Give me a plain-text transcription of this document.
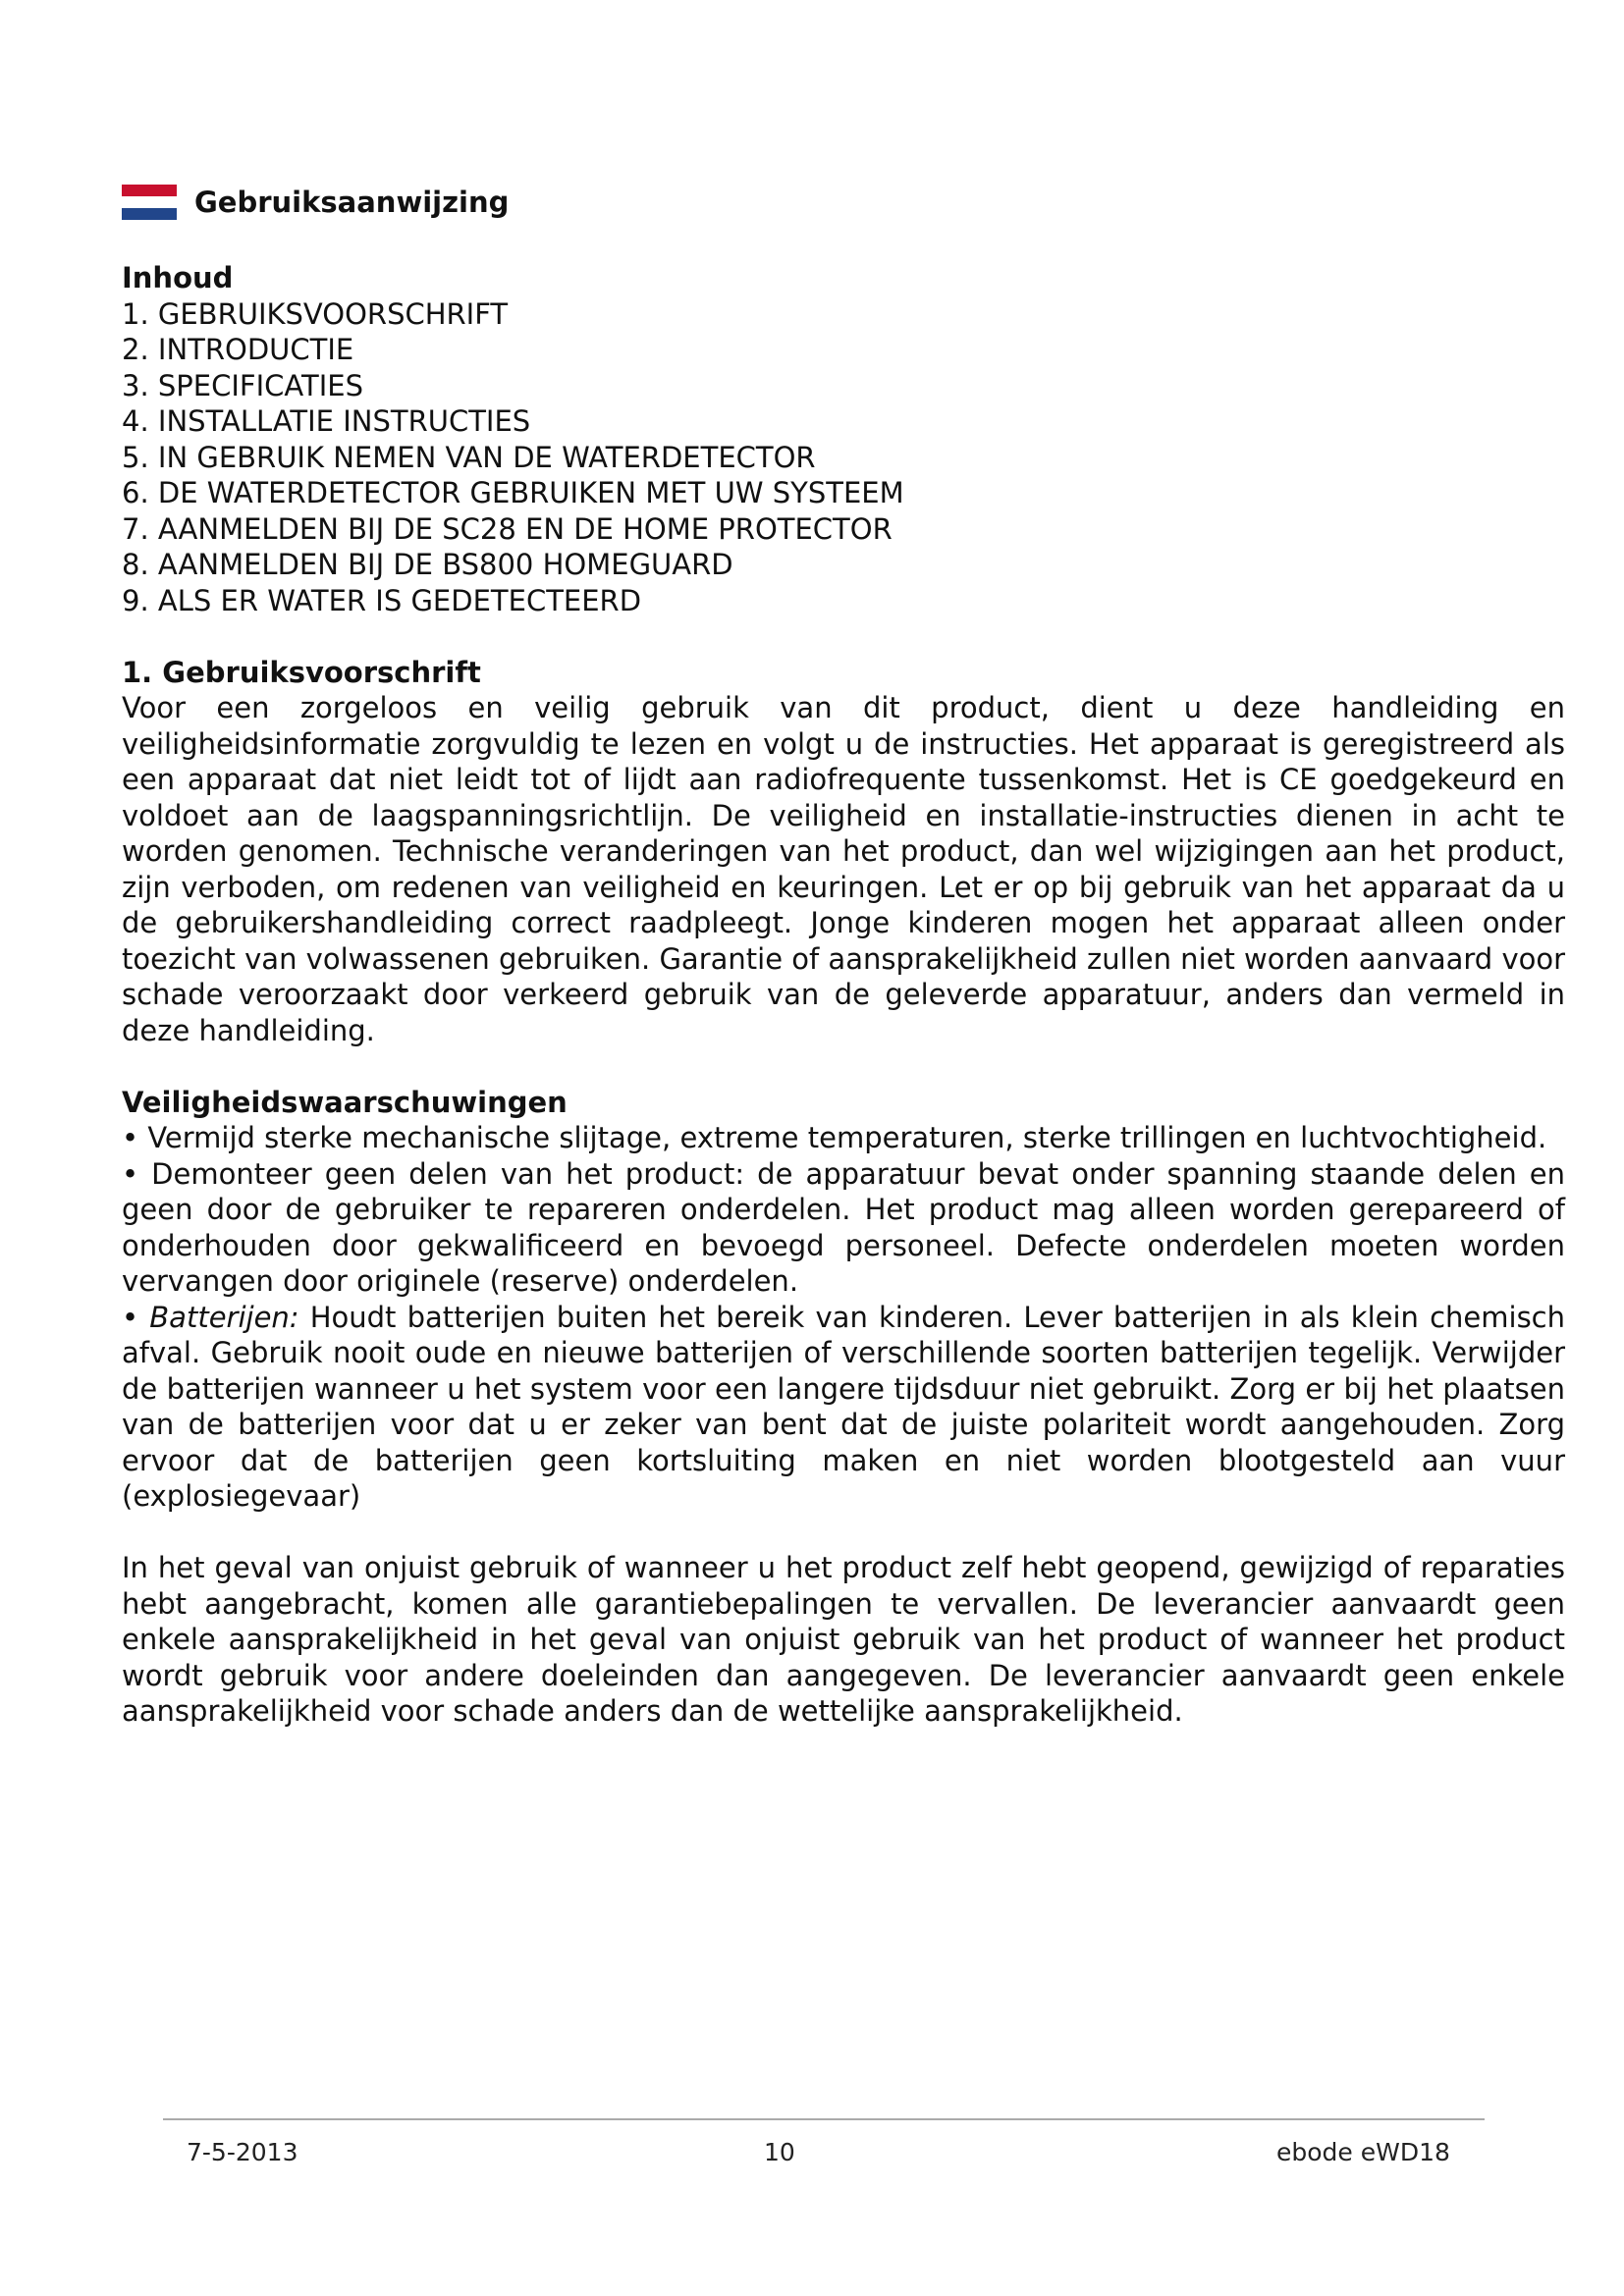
Gebruiksaanwijzing
Inhoud
1. GEBRUIKSVOORSCHRIFT
2. INTRODUCTIE
3. SPECIFICATIES
4. INSTALLATIE INSTRUCTIES
5. IN GEBRUIK NEMEN VAN DE WATERDETECTOR
6. DE WATERDETECTOR GEBRUIKEN MET UW SYSTEEM
7. AANMELDEN BIJ DE SC28 EN DE HOME PROTECTOR
8. AANMELDEN BIJ DE BS800 HOMEGUARD
9. ALS ER WATER IS GEDETECTEERD
1. Gebruiksvoorschrift

Voor een zorgeloos en veilig gebruik van dit product, dient u deze handleiding en veiligheidsinformatie zorgvuldig te lezen en volgt u de instructies. Het apparaat is geregistreerd als een apparaat dat niet leidt tot of lijdt aan radiofrequente tussenkomst. Het is CE goedgekeurd en voldoet aan de laagspanningsrichtlijn. De veiligheid en installatie-instructies dienen in acht te worden genomen. Technische veranderingen van het product, dan wel wijzigingen aan het product, zijn verboden, om redenen van veiligheid en keuringen. Let er op bij gebruik van het apparaat da u de gebruikershandleiding correct raadpleegt. Jonge kinderen mogen het apparaat alleen onder toezicht van volwassenen gebruiken. Garantie of aansprakelijkheid zullen niet worden aanvaard voor schade veroorzaakt door verkeerd gebruik van de geleverde apparatuur, anders dan vermeld in deze handleiding.

Veiligheidswaarschuwingen

• Vermijd sterke mechanische slijtage, extreme temperaturen, sterke trillingen en luchtvochtigheid.

• Demonteer geen delen van het product: de apparatuur bevat onder spanning staande delen en geen door de gebruiker te repareren onderdelen. Het product mag alleen worden gerepareerd of onderhouden door gekwalificeerd en bevoegd personeel. Defecte onderdelen moeten worden vervangen door originele (reserve) onderdelen.

• Batterijen: Houdt batterijen buiten het bereik van kinderen. Lever batterijen in als klein chemisch afval. Gebruik nooit oude en nieuwe batterijen of verschillende soorten batterijen tegelijk. Verwijder de batterijen wanneer u het system voor een langere tijdsduur niet gebruikt. Zorg er bij het plaatsen van de batterijen voor dat u er zeker van bent dat de juiste polariteit wordt aangehouden. Zorg ervoor dat de batterijen geen kortsluiting maken en niet worden blootgesteld aan vuur (explosiegevaar)

In het geval van onjuist gebruik of wanneer u het product zelf hebt geopend, gewijzigd of reparaties hebt aangebracht, komen alle garantiebepalingen te vervallen. De leverancier aanvaardt geen enkele aansprakelijkheid in het geval van onjuist gebruik van het product of wanneer het product wordt gebruik voor andere doeleinden dan aangegeven. De leverancier aanvaardt geen enkele aansprakelijkheid voor schade anders dan de wettelijke aansprakelijkheid.

7-5-2013	10	ebode eWD18
